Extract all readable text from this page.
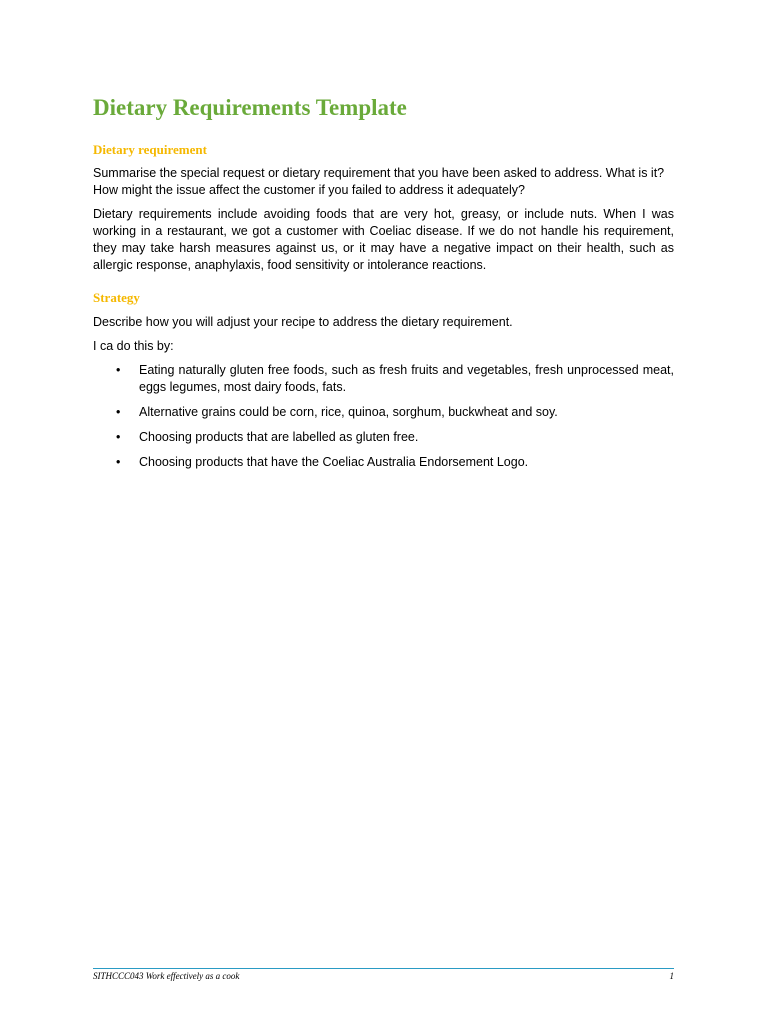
Dietary Requirements Template
Dietary requirement

Summarise the special request or dietary requirement that you have been asked to address. What is it? How might the issue affect the customer if you failed to address it adequately?

Dietary requirements include avoiding foods that are very hot, greasy, or include nuts. When I was working in a restaurant, we got a customer with Coeliac disease. If we do not handle his requirement, they may take harsh measures against us, or it may have a negative impact on their health, such as allergic response, anaphylaxis, food sensitivity or intolerance reactions.

Strategy

Describe how you will adjust your recipe to address the dietary requirement.

I ca do this by:

• Eating naturally gluten free foods, such as fresh fruits and vegetables, fresh unprocessed meat, eggs legumes, most dairy foods, fats.
• Alternative grains could be corn, rice, quinoa, sorghum, buckwheat and soy.
• Choosing products that are labelled as gluten free.
• Choosing products that have the Coeliac Australia Endorsement Logo.
SITHCCC043 Work effectively as a cook	1
